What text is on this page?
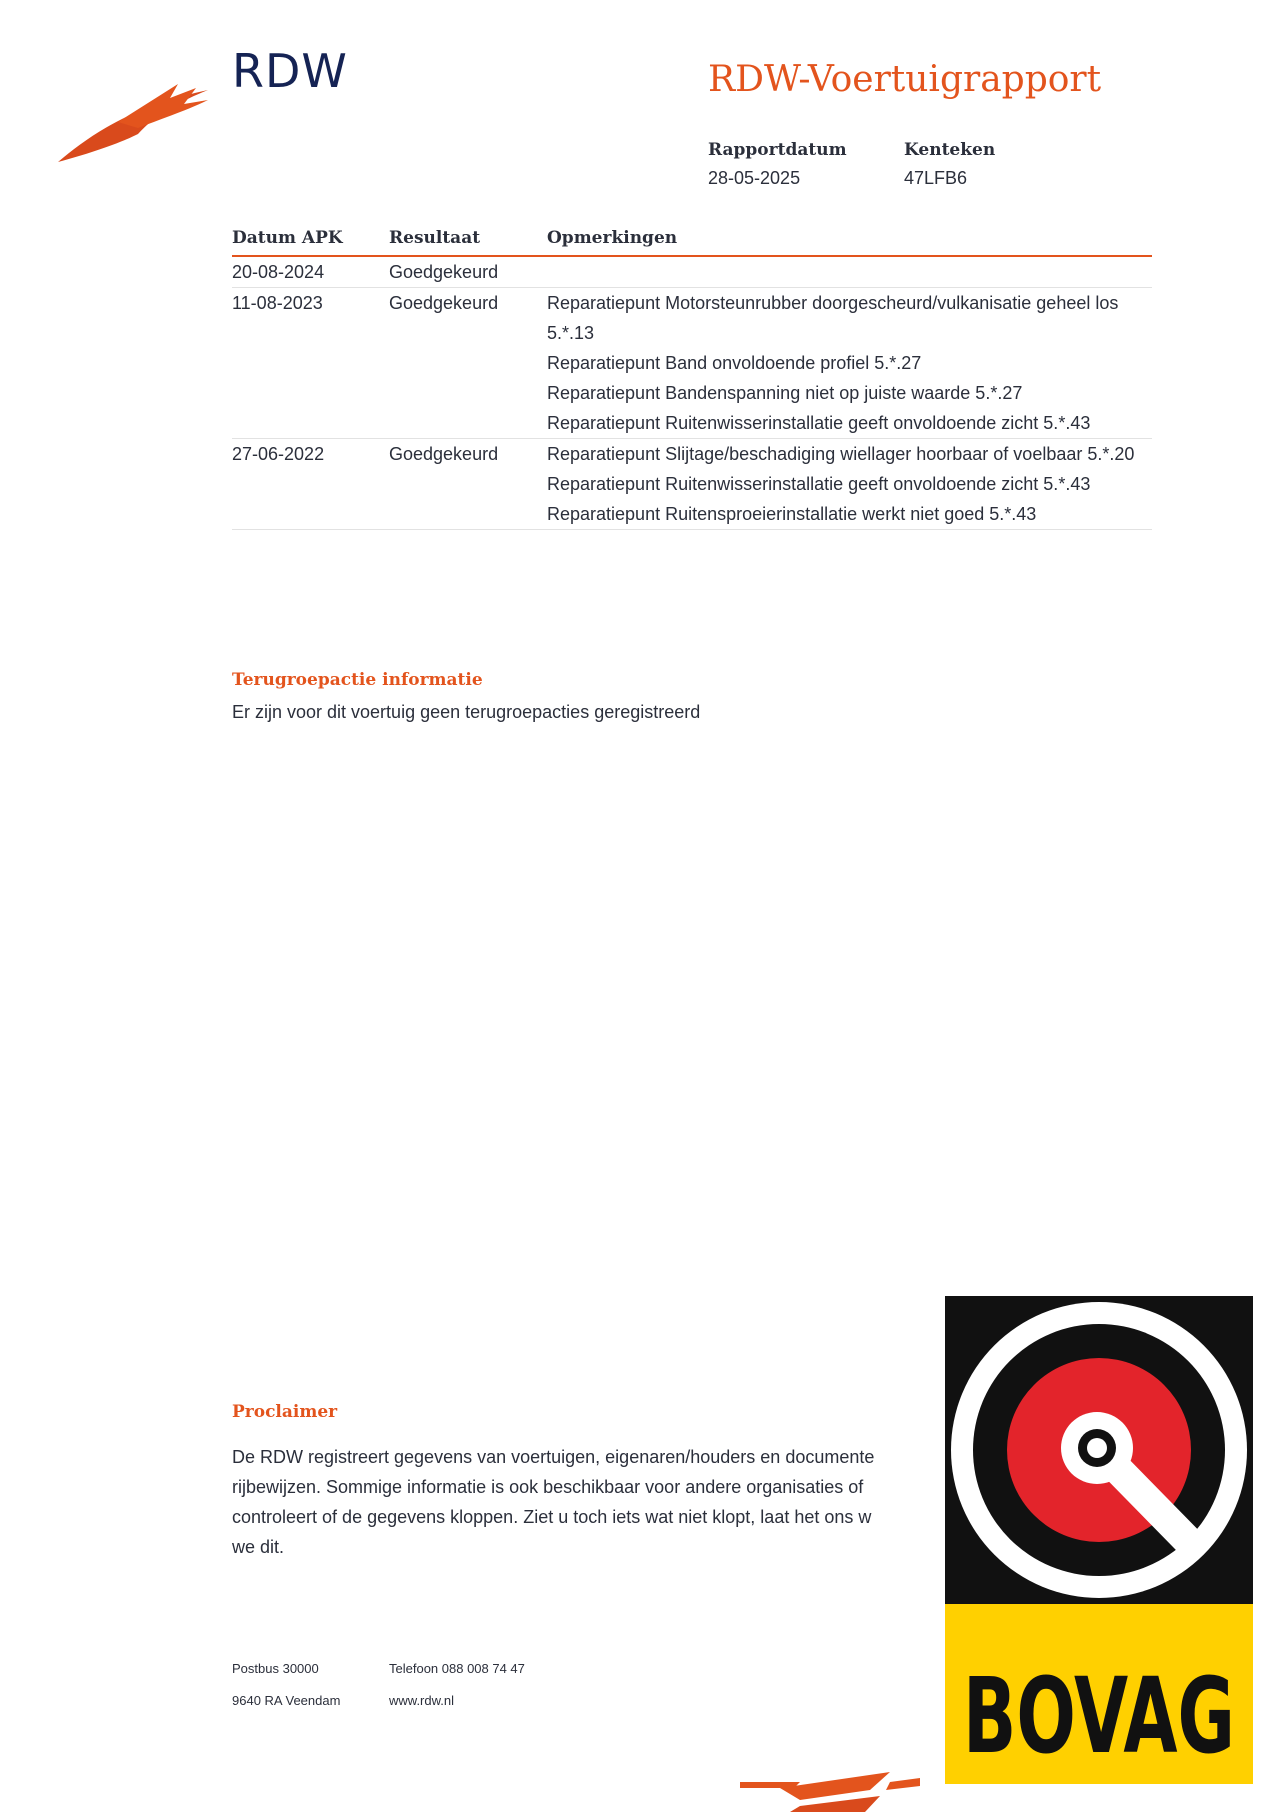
RDW	RDW-Voertuigrapport
Rapportdatum
28-05-2025
Kenteken
47LFB6
Datum APK	Resultaat	Opmerkingen
20-08-2024	Goedgekeurd
11-08-2023	Goedgekeurd	Reparatiepunt Motorsteunrubber doorgescheurd/vulkanisatie geheel los 5.*.13
Reparatiepunt Band onvoldoende profiel 5.*.27
Reparatiepunt Bandenspanning niet op juiste waarde 5.*.27
Reparatiepunt Ruitenwisserinstallatie geeft onvoldoende zicht 5.*.43
27-06-2022	Goedgekeurd	Reparatiepunt Slijtage/beschadiging wiellager hoorbaar of voelbaar 5.*.20
Reparatiepunt Ruitenwisserinstallatie geeft onvoldoende zicht 5.*.43
Reparatiepunt Ruitensproeierinstallatie werkt niet goed 5.*.43
Terugroepactie informatie
Er zijn voor dit voertuig geen terugroepacties geregistreerd
Proclaimer
De RDW registreert gegevens van voertuigen, eigenaren/houders en documente
rijbewijzen. Sommige informatie is ook beschikbaar voor andere organisaties of
controleert of de gegevens kloppen. Ziet u toch iets wat niet klopt, laat het ons w
we dit.
Postbus 30000
9640 RA Veendam
Telefoon 088 008 74 47
www.rdw.nl	BOVAG
